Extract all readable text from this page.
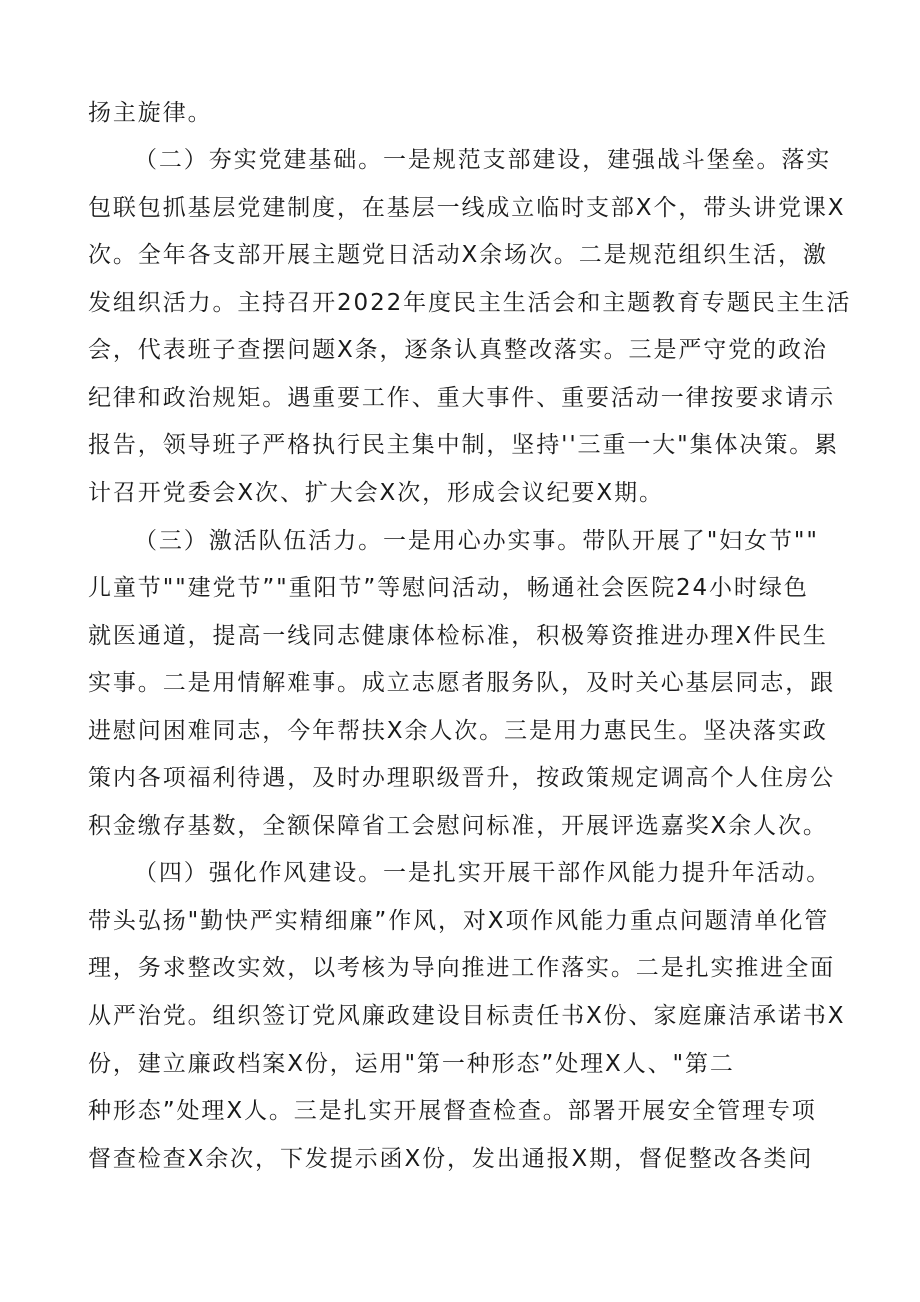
扬主旋律。
（二）夯实党建基础。一是规范支部建设，建强战斗堡垒。落实
包联包抓基层党建制度，在基层一线成立临时支部X个，带头讲党课X
次。全年各支部开展主题党日活动X余场次。二是规范组织生活，激
发组织活力。主持召开2022年度民主生活会和主题教育专题民主生活
会，代表班子查摆问题X条，逐条认真整改落实。三是严守党的政治
纪律和政治规矩。遇重要工作、重大事件、重要活动一律按要求请示
报告，领导班子严格执行民主集中制，坚持''三重一大"集体决策。累
计召开党委会X次、扩大会X次，形成会议纪要X期。
（三）激活队伍活力。一是用心办实事。带队开展了"妇女节""
儿童节""建党节”"重阳节”等慰问活动，畅通社会医院24小时绿色
就医通道，提高一线同志健康体检标准，积极筹资推进办理X件民生
实事。二是用情解难事。成立志愿者服务队，及时关心基层同志，跟
进慰问困难同志，今年帮扶X余人次。三是用力惠民生。坚决落实政
策内各项福利待遇，及时办理职级晋升，按政策规定调高个人住房公
积金缴存基数，全额保障省工会慰问标准，开展评选嘉奖X余人次。
（四）强化作风建设。一是扎实开展干部作风能力提升年活动。
带头弘扬"勤快严实精细廉”作风，对X项作风能力重点问题清单化管
理，务求整改实效，以考核为导向推进工作落实。二是扎实推进全面
从严治党。组织签订党风廉政建设目标责任书X份、家庭廉洁承诺书X
份，建立廉政档案X份，运用"第一种形态”处理X人、"第二
种形态”处理X人。三是扎实开展督查检查。部署开展安全管理专项
督查检查X余次，下发提示函X份，发出通报X期，督促整改各类问
